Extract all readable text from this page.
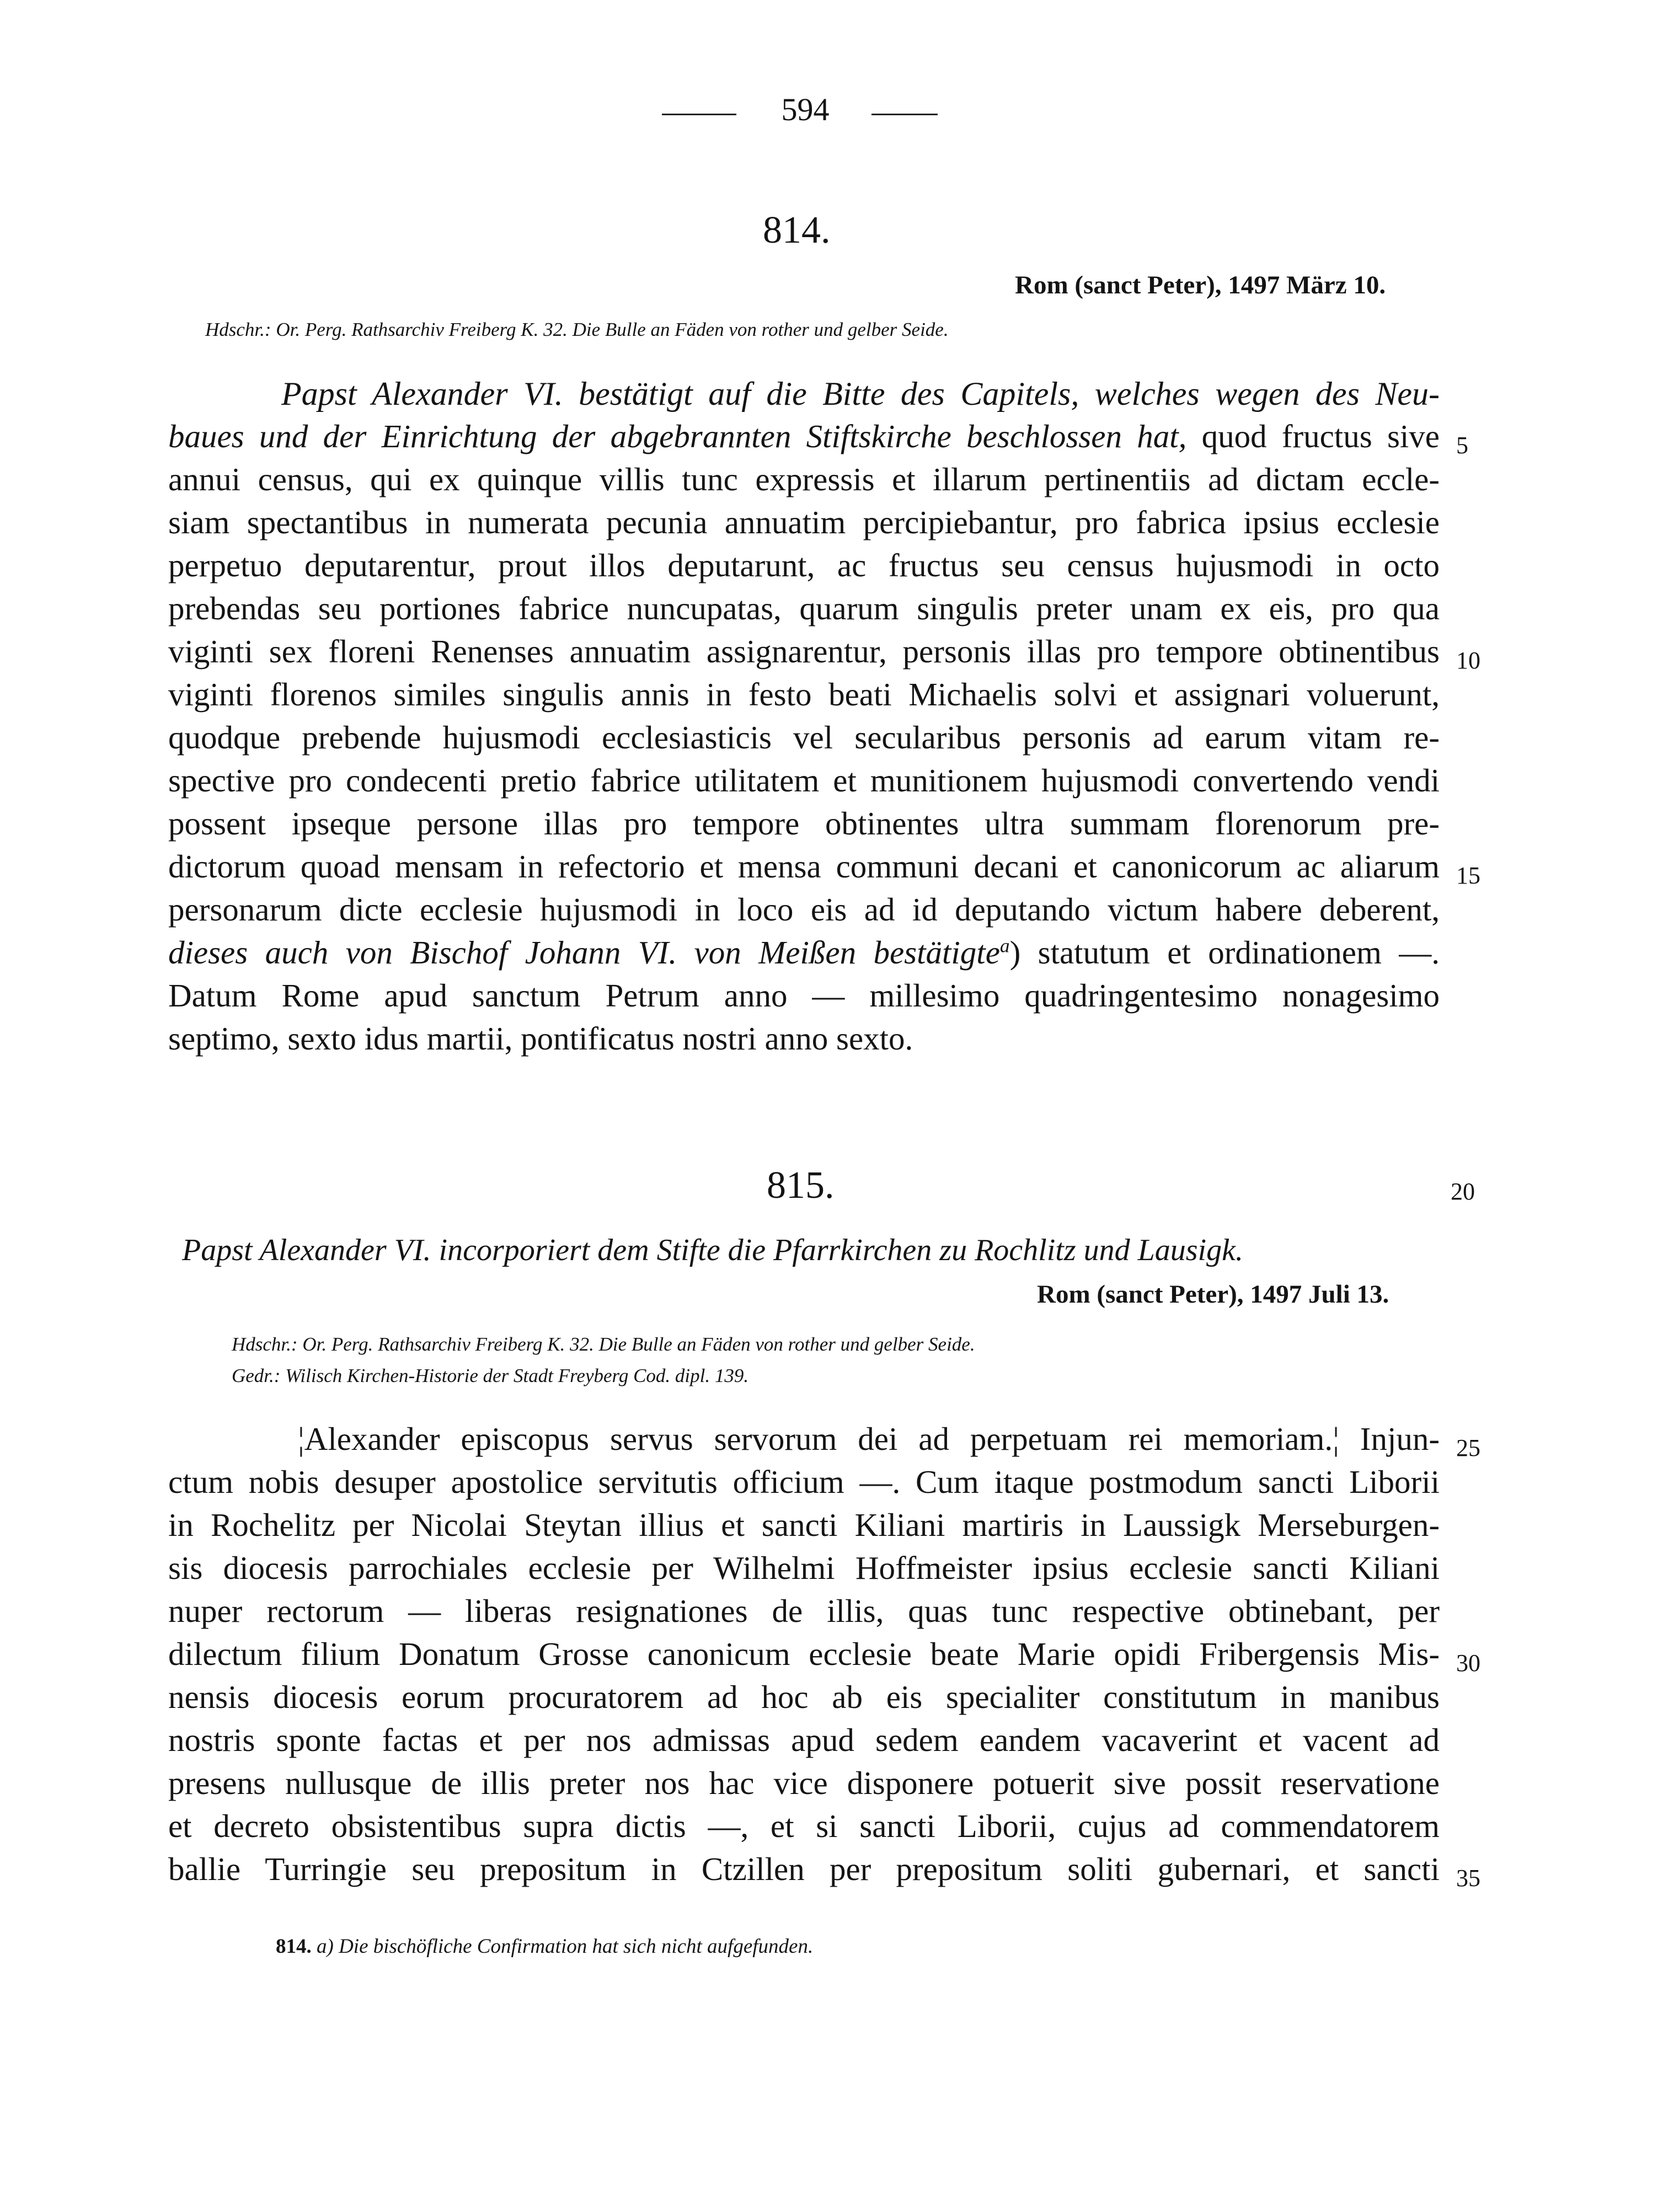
594
814.
Rom (sanct Peter), 1497 März 10.
Hdschr.: Or. Perg. Rathsarchiv Freiberg K. 32. Die Bulle an Fäden von rother und gelber Seide.
Papst Alexander VI. bestätigt auf die Bitte des Capitels, welches wegen des Neu-
baues und der Einrichtung der abgebrannten Stiftskirche beschlossen hat, quod fructus sive 5
annui census, qui ex quinque villis tunc expressis et illarum pertinentiis ad dictam eccle-
siam spectantibus in numerata pecunia annuatim percipiebantur, pro fabrica ipsius ecclesie
perpetuo deputarentur, prout illos deputarunt, ac fructus seu census hujusmodi in octo
prebendas seu portiones fabrice nuncupatas, quarum singulis preter unam ex eis, pro qua
viginti sex floreni Renenses annuatim assignarentur, personis illas pro tempore obtinentibus 10
viginti florenos similes singulis annis in festo beati Michaelis solvi et assignari voluerunt,
quodque prebende hujusmodi ecclesiasticis vel secularibus personis ad earum vitam re-
spective pro condecenti pretio fabrice utilitatem et munitionem hujusmodi convertendo vendi
possent ipseque persone illas pro tempore obtinentes ultra summam florenorum pre-
dictorum quoad mensam in refectorio et mensa communi decani et canonicorum ac aliarum 15
personarum dicte ecclesie hujusmodi in loco eis ad id deputando victum habere deberent,
dieses auch von Bischof Johann VI. von Meißen bestätigte$^a$) statutum et ordinationem —.
Datum Rome apud sanctum Petrum anno — millesimo quadringentesimo nonagesimo
septimo, sexto idus martii, pontificatus nostri anno sexto.
815.	20
Papst Alexander VI. incorporiert dem Stifte die Pfarrkirchen zu Rochlitz und Lausigk.
Rom (sanct Peter), 1497 Juli 13.
Hdschr.: Or. Perg. Rathsarchiv Freiberg K. 32. Die Bulle an Fäden von rother und gelber Seide.
Gedr.: Wilisch Kirchen-Historie der Stadt Freyberg Cod. dipl. 139.
¦Alexander episcopus servus servorum dei ad perpetuam rei memoriam.¦ Injun- 25
ctum nobis desuper apostolice servitutis officium —. Cum itaque postmodum sancti Liborii
in Rochelitz per Nicolai Steytan illius et sancti Kiliani martiris in Laussigk Merseburgen-
sis diocesis parrochiales ecclesie per Wilhelmi Hoffmeister ipsius ecclesie sancti Kiliani
nuper rectorum — liberas resignationes de illis, quas tunc respective obtinebant, per
dilectum filium Donatum Grosse canonicum ecclesie beate Marie opidi Fribergensis Mis- 30
nensis diocesis eorum procuratorem ad hoc ab eis specialiter constitutum in manibus
nostris sponte factas et per nos admissas apud sedem eandem vacaverint et vacent ad
presens nullusque de illis preter nos hac vice disponere potuerit sive possit reservatione
et decreto obsistentibus supra dictis —, et si sancti Liborii, cujus ad commendatorem
ballie Turringie seu prepositum in Ctzillen per prepositum soliti gubernari, et sancti 35
814. a) Die bischöfliche Confirmation hat sich nicht aufgefunden.
